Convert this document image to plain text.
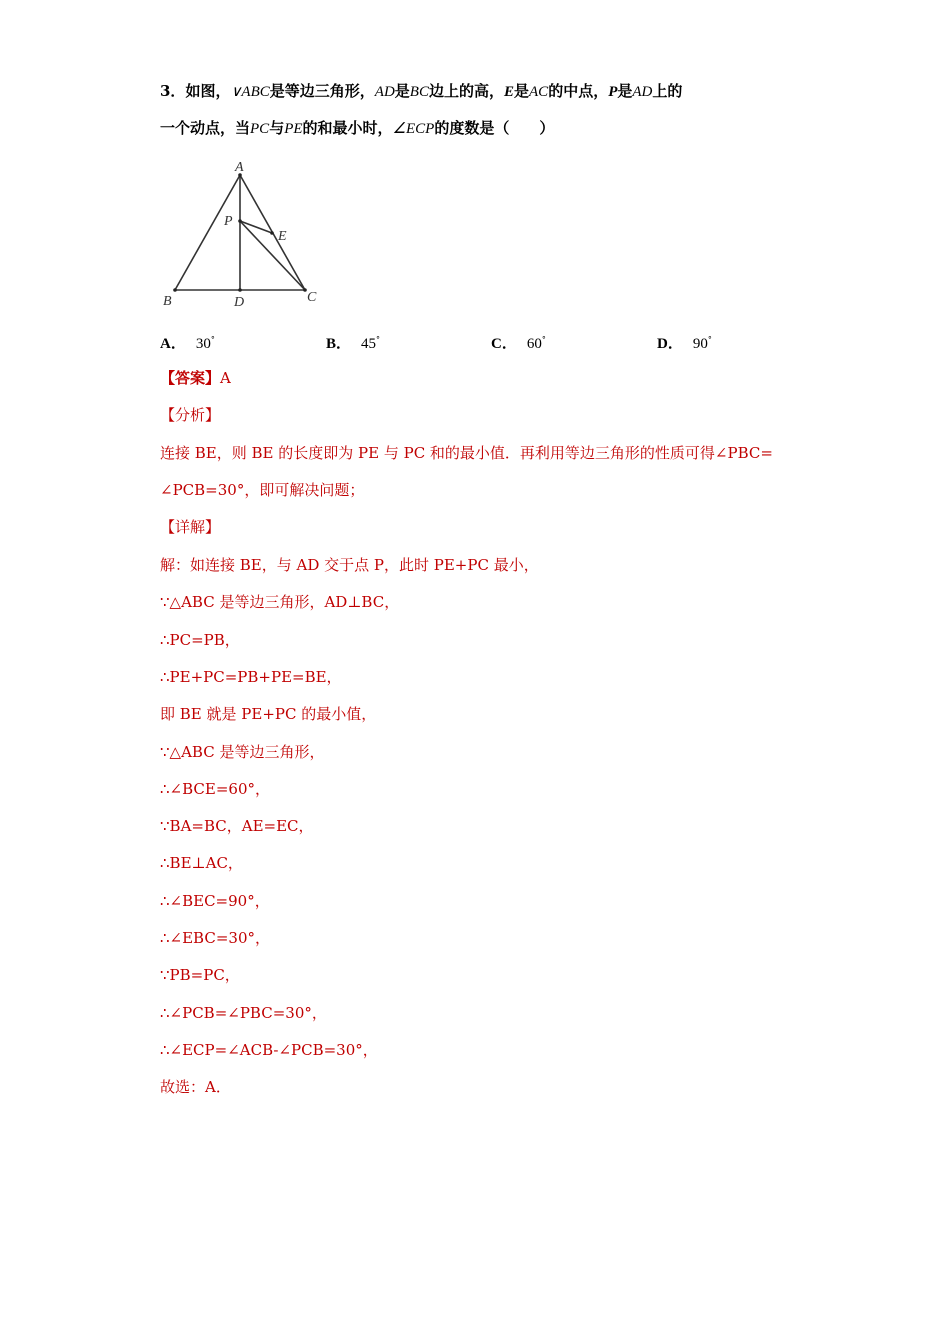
3．如图，∨ABC是等边三角形，AD是BC边上的高，E是AC的中点，P是AD上的
一个动点，当PC与PE的和最小时，∠ECP的度数是（　　）
A
B	C
D
E
P
A． 30°	B． 45°	C． 60°	D． 90°
【答案】A
【分析】
连接 BE，则 BE 的长度即为 PE 与 PC 和的最小值．再利用等边三角形的性质可得∠PBC=
∠PCB=30°，即可解决问题；
【详解】
解：如连接 BE，与 AD 交于点 P，此时 PE+PC 最小，
∵△ABC 是等边三角形，AD⊥BC，
∴PC=PB，
∴PE+PC=PB+PE=BE，
即 BE 就是 PE+PC 的最小值，
∵△ABC 是等边三角形，
∴∠BCE=60°，
∵BA=BC，AE=EC，
∴BE⊥AC，
∴∠BEC=90°，
∴∠EBC=30°，
∵PB=PC，
∴∠PCB=∠PBC=30°，
∴∠ECP=∠ACB-∠PCB=30°，
故选：A．
